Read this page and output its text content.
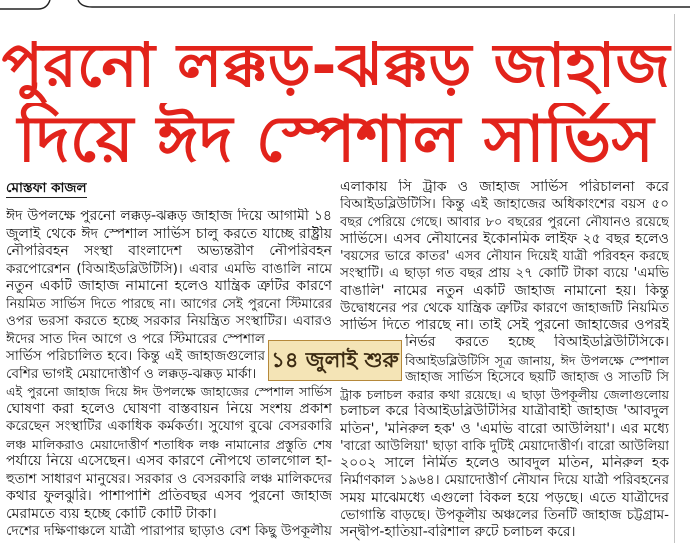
পুরনো লক্কড়-ঝক্কড় জাহাজ
দিয়ে ঈদ স্পেশাল সার্ভিস
মোস্তফা কাজল
ঈদ উপলক্ষে পুরনো লক্কড়-ঝক্কড় জাহাজ দিয়ে আগামী ১৪
জুলাই থেকে ঈদ স্পেশাল সার্ভিস চালু করতে যাচ্ছে রাষ্ট্রীয়
নৌপরিবহন সংস্থা বাংলাদেশ অভ্যন্তরীণ নৌপরিবহন
করপোরেশন (বিআইডব্লিউটিসি)। এবার এমভি বাঙালি নামে
নতুন একটি জাহাজ নামানো হলেও যান্ত্রিক ত্রুটির কারণে
নিয়মিত সার্ভিস দিতে পারছে না। আগের সেই পুরনো স্টিমারের
ওপর ভরসা করতে হচ্ছে সরকার নিয়ন্ত্রিত সংস্থাটির। এবারও
ঈদের সাত দিন আগে ও পরে স্টিমারের স্পেশাল
সার্ভিস পরিচালিত হবে। কিন্তু এই জাহাজগুলোর
বেশির ভাগই মেয়াদোত্তীর্ণ ও লক্কড়-ঝক্কড় মার্কা।
এই পুরনো জাহাজ দিয়ে ঈদ উপলক্ষে জাহাজের স্পেশাল সার্ভিস
ঘোষণা করা হলেও ঘোষণা বাস্তবায়ন নিয়ে সংশয় প্রকাশ
করেছেন সংস্থাটির একাধিক কর্মকর্তা। সুযোগ বুঝে বেসরকারি
লঞ্চ মালিকরাও মেয়াদোত্তীর্ণ শতাধিক লঞ্চ নামানোর প্রস্তুতি শেষ
পর্যায়ে নিয়ে এসেছেন। এসব কারণে নৌপথে তালগোল হা-
হুতাশ সাধারণ মানুষের। সরকার ও বেসরকারি লঞ্চ মালিকদের
কথার ফুলঝুরি। পাশাপাশি প্রতিবছর এসব পুরনো জাহাজ
মেরামতে ব্যয় হচ্ছে কোটি কোটি টাকা।
দেশের দক্ষিণাঞ্চলে যাত্রী পারাপার ছাড়াও বেশ কিছু উপকূলীয়
এলাকায় সি ট্রাক ও জাহাজ সার্ভিস পরিচালনা করে
বিআইডব্লিউটিসি। কিন্তু এই জাহাজের অধিকাংশের বয়স ৫০
বছর পেরিয়ে গেছে। আবার ৮০ বছরের পুরনো নৌযানও রয়েছে
সার্ভিসে। এসব নৌযানের ইকোনমিক লাইফ ২৫ বছর হলেও
'বয়সের ভারে কাতর' এসব নৌযান দিয়েই যাত্রী পরিবহন করছে
সংস্থাটি। এ ছাড়া গত বছর প্রায় ২৭ কোটি টাকা ব্যয়ে 'এমভি
বাঙালি' নামের নতুন একটি জাহাজ নামানো হয়। কিন্তু
উদ্বোধনের পর থেকে যান্ত্রিক ত্রুটির কারণে জাহাজটি নিয়মিত
সার্ভিস দিতে পারছে না। তাই সেই পুরনো জাহাজের ওপরই
নির্ভর করতে হচ্ছে বিআইডব্লিউটিসিকে।
বিআইডব্লিউটিসি সূত্র জানায়, ঈদ উপলক্ষে স্পেশাল
জাহাজ সার্ভিস হিসেবে ছয়টি জাহাজ ও সাতটি সি
ট্রাক চলাচল করার কথা রয়েছে। এ ছাড়া উপকূলীয় জেলাগুলোয়
চলাচল করে বিআইডব্লিউটিসির যাত্রীবাহী জাহাজ 'আবদুল
মতিন', 'মনিরুল হক' ও 'এমভি বারো আউলিয়া'। এর মধ্যে
'বারো আউলিয়া' ছাড়া বাকি দুটিই মেয়াদোত্তীর্ণ। বারো আউলিয়া
২০০২ সালে নির্মিত হলেও আবদুল মতিন, মনিরুল হক
নির্মাণকাল ১৯৬৪। মেয়াদোত্তীর্ণ নৌযান দিয়ে যাত্রী পরিবহনের
সময় মাঝেমধ্যে এগুলো বিকল হয়ে পড়ছে। এতে যাত্রীদের
ভোগান্তি বাড়ছে। উপকূলীয় অঞ্চলের তিনটি জাহাজ চট্টগ্রাম-
সন্দ্বীপ-হাতিয়া-বরিশাল রুটে চলাচল করে।
১৪ জুলাই শুরু
